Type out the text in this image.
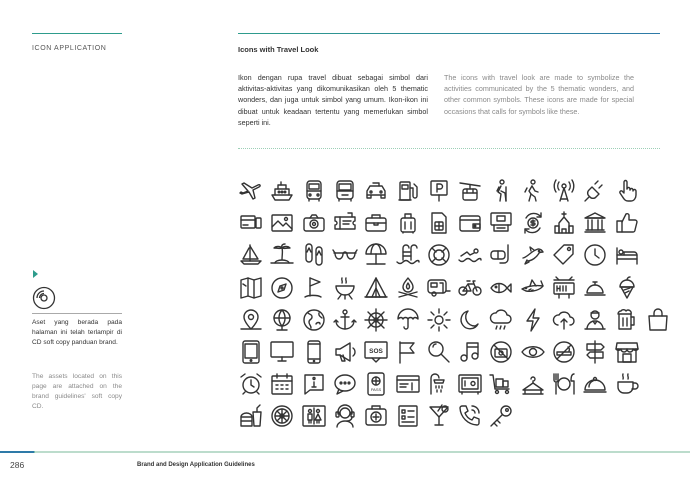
ICON APPLICATION	Icons with Travel Look

Ikon dengan rupa travel dibuat sebagai simbol dari aktivitas-aktivitas yang dikomunikasikan oleh 5 thematic wonders, dan juga untuk simbol yang umum. Ikon-ikon ini dibuat untuk keadaan tertentu yang memerlukan simbol seperti ini.

The icons with travel look are made to symbolize the activities communicated by the 5 thematic wonders, and other common symbols. These icons are made for special occasions that calls for symbols like these.

Aset yang berada pada halaman ini telah terlampir di CD soft copy panduan brand.

The assets located on this page are attached on the brand guidelines' soft copy CD.

SOS
PASS
286	Brand and Design Application Guidelines
